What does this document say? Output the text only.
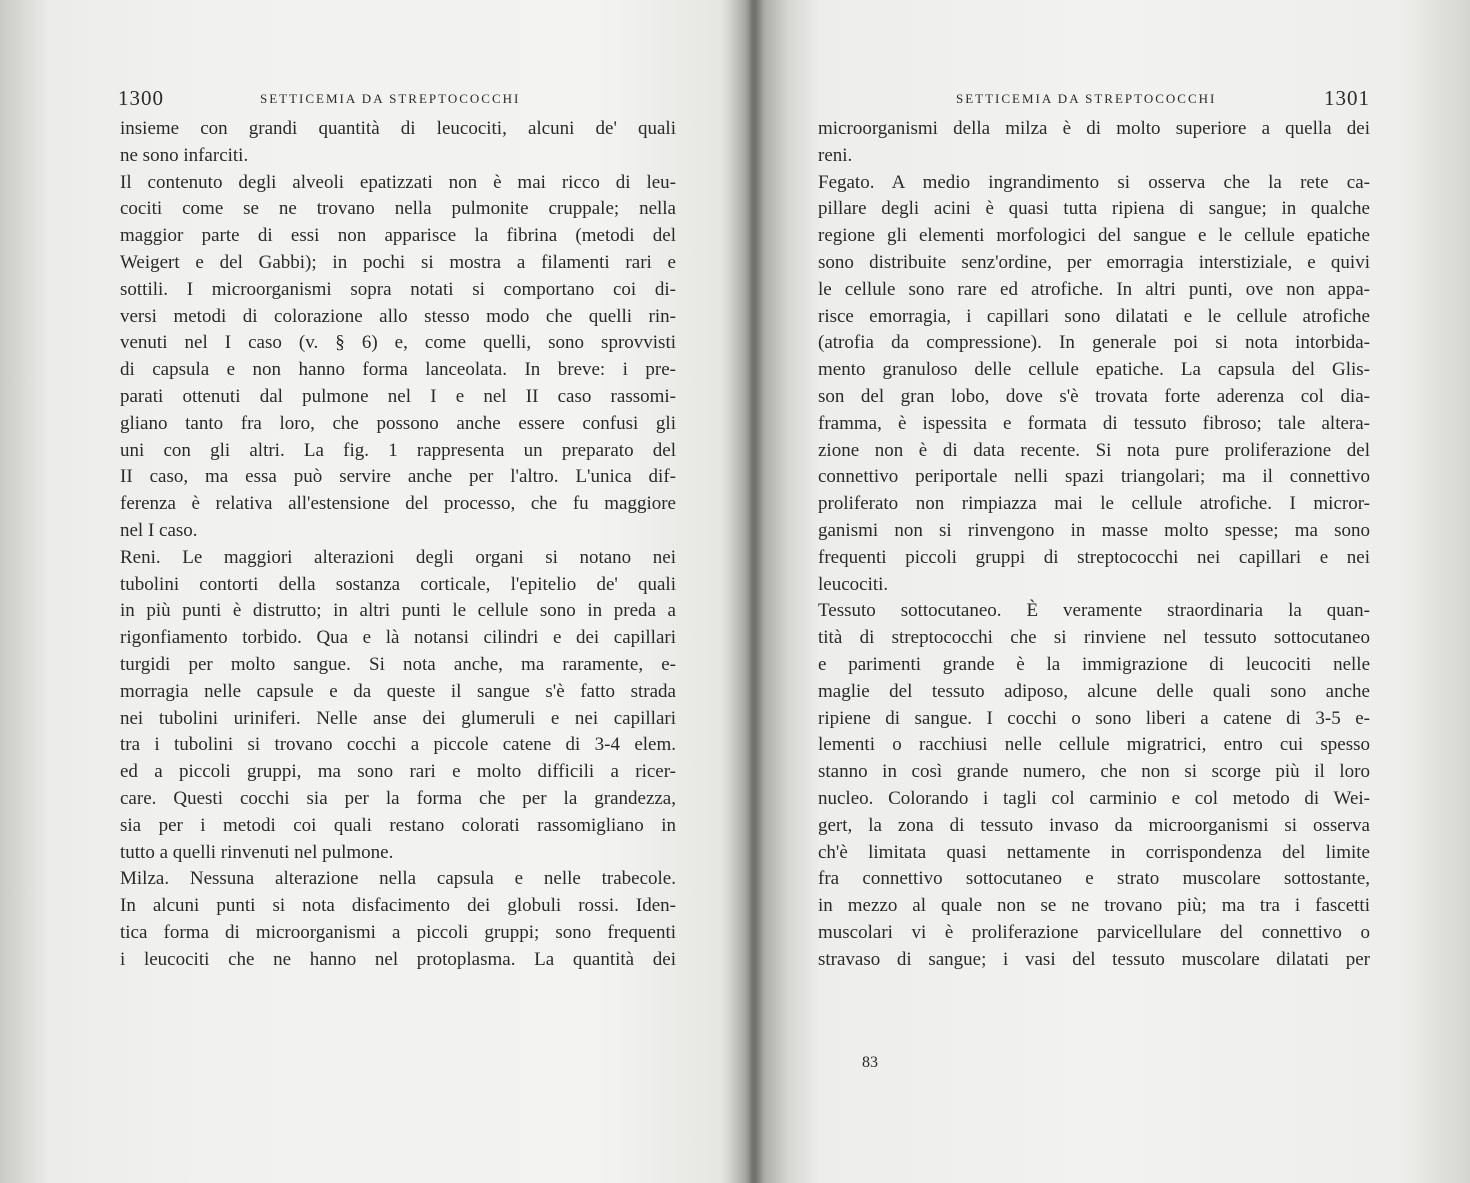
1300	SETTICEMIA DA STREPTOCOCCHI
insieme con grandi quantità di leucociti, alcuni de' quali
ne sono infarciti.
Il contenuto degli alveoli epatizzati non è mai ricco di leu-
cociti come se ne trovano nella pulmonite cruppale; nella
maggior parte di essi non apparisce la fibrina (metodi del
Weigert e del Gabbi); in pochi si mostra a filamenti rari e
sottili. I microorganismi sopra notati si comportano coi di-
versi metodi di colorazione allo stesso modo che quelli rin-
venuti nel I caso (v. § 6) e, come quelli, sono sprovvisti
di capsula e non hanno forma lanceolata. In breve: i pre-
parati ottenuti dal pulmone nel I e nel II caso rassomi-
gliano tanto fra loro, che possono anche essere confusi gli
uni con gli altri. La fig. 1 rappresenta un preparato del
II caso, ma essa può servire anche per l'altro. L'unica dif-
ferenza è relativa all'estensione del processo, che fu maggiore
nel I caso.
Reni. Le maggiori alterazioni degli organi si notano nei
tubolini contorti della sostanza corticale, l'epitelio de' quali
in più punti è distrutto; in altri punti le cellule sono in preda a
rigonfiamento torbido. Qua e là notansi cilindri e dei capillari
turgidi per molto sangue. Si nota anche, ma raramente, e-
morragia nelle capsule e da queste il sangue s'è fatto strada
nei tubolini uriniferi. Nelle anse dei glumeruli e nei capillari
tra i tubolini si trovano cocchi a piccole catene di 3-4 elem.
ed a piccoli gruppi, ma sono rari e molto difficili a ricer-
care. Questi cocchi sia per la forma che per la grandezza,
sia per i metodi coi quali restano colorati rassomigliano in
tutto a quelli rinvenuti nel pulmone.
Milza. Nessuna alterazione nella capsula e nelle trabecole.
In alcuni punti si nota disfacimento dei globuli rossi. Iden-
tica forma di microorganismi a piccoli gruppi; sono frequenti
i leucociti che ne hanno nel protoplasma. La quantità dei
SETTICEMIA DA STREPTOCOCCHI	1301
microorganismi della milza è di molto superiore a quella dei
reni.
Fegato. A medio ingrandimento si osserva che la rete ca-
pillare degli acini è quasi tutta ripiena di sangue; in qualche
regione gli elementi morfologici del sangue e le cellule epatiche
sono distribuite senz'ordine, per emorragia interstiziale, e quivi
le cellule sono rare ed atrofiche. In altri punti, ove non appa-
risce emorragia, i capillari sono dilatati e le cellule atrofiche
(atrofia da compressione). In generale poi si nota intorbida-
mento granuloso delle cellule epatiche. La capsula del Glis-
son del gran lobo, dove s'è trovata forte aderenza col dia-
framma, è ispessita e formata di tessuto fibroso; tale altera-
zione non è di data recente. Si nota pure proliferazione del
connettivo periportale nelli spazi triangolari; ma il connettivo
proliferato non rimpiazza mai le cellule atrofiche. I micror-
ganismi non si rinvengono in masse molto spesse; ma sono
frequenti piccoli gruppi di streptococchi nei capillari e nei
leucociti.
Tessuto sottocutaneo. È veramente straordinaria la quan-
tità di streptococchi che si rinviene nel tessuto sottocutaneo
e parimenti grande è la immigrazione di leucociti nelle
maglie del tessuto adiposo, alcune delle quali sono anche
ripiene di sangue. I cocchi o sono liberi a catene di 3-5 e-
lementi o racchiusi nelle cellule migratrici, entro cui spesso
stanno in così grande numero, che non si scorge più il loro
nucleo. Colorando i tagli col carminio e col metodo di Wei-
gert, la zona di tessuto invaso da microorganismi si osserva
ch'è limitata quasi nettamente in corrispondenza del limite
fra connettivo sottocutaneo e strato muscolare sottostante,
in mezzo al quale non se ne trovano più; ma tra i fascetti
muscolari vi è proliferazione parvicellulare del connettivo o
stravaso di sangue; i vasi del tessuto muscolare dilatati per
83
